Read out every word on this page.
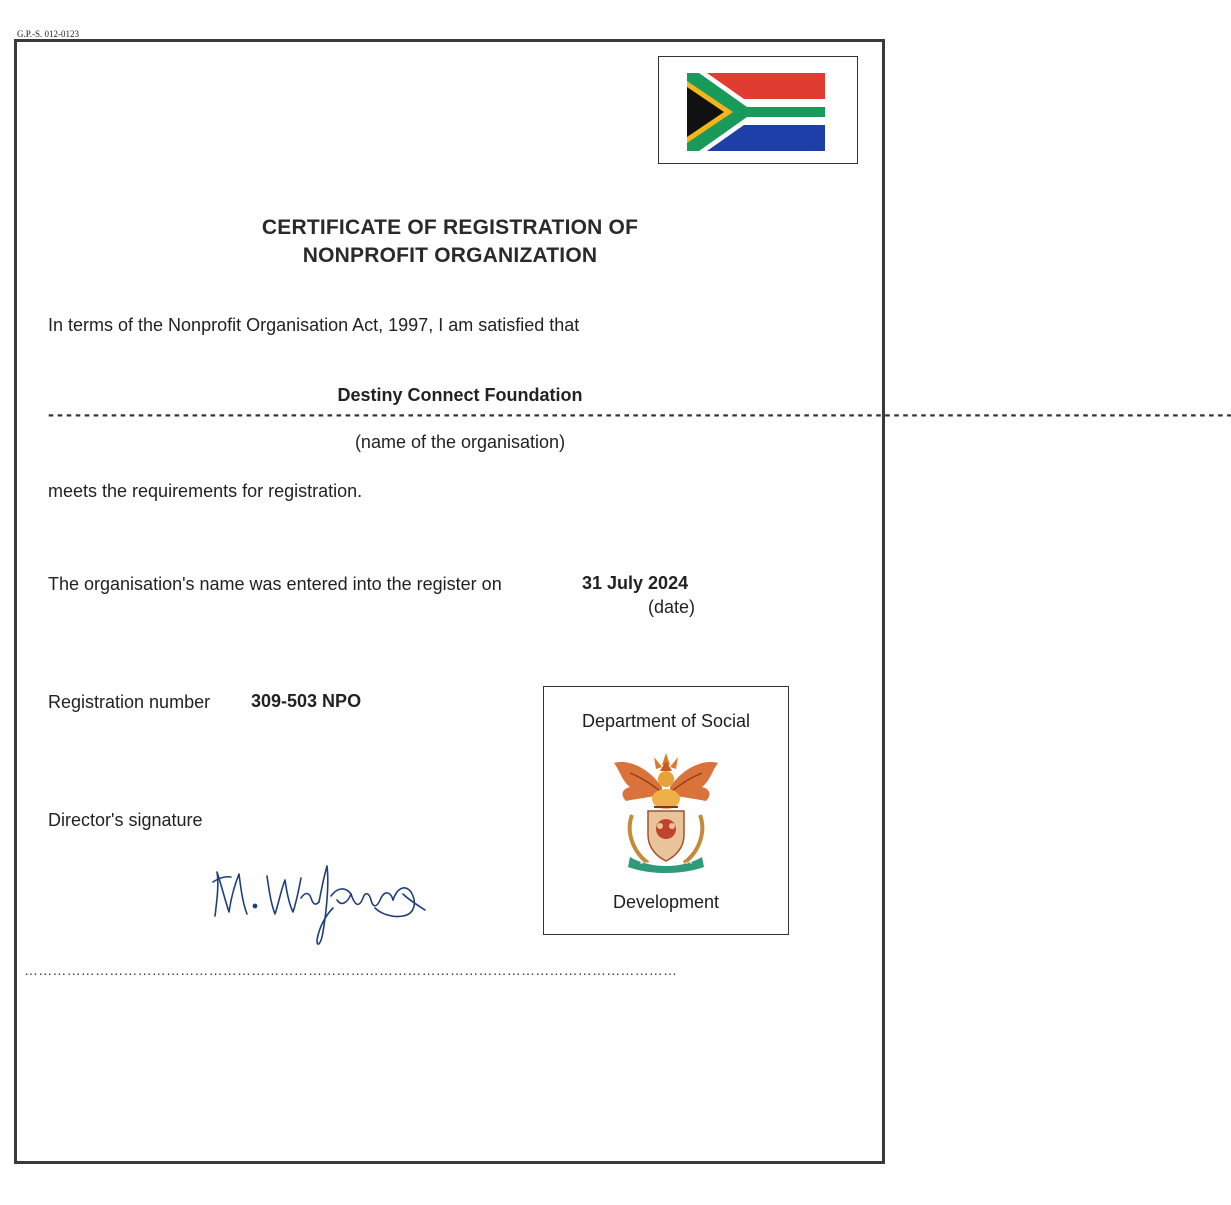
G.P.-S. 012-0123
CERTIFICATE OF REGISTRATION OF
NONPROFIT ORGANIZATION
In terms of the Nonprofit Organisation Act, 1997, I am satisfied that
Destiny Connect Foundation
- - - - - - - - - - - - - - - - - - - - - - - - - - - - - - - - - - - - - - - - - - - - - - - - - - - - - - - - - - - - - - - - - - - - - - - - - - - - - - - - - - - - - - - - - - - - - - - - - - - - - - - - - - - - - - - - - - - - - - - - - - - - - - - - - - - -
(name of the organisation)
meets the requirements for registration.
The organisation's name was entered into the register on	31 July 2024
(date)
Registration number 309-503 NPO
Director's signature
Department of Social
Development
…………………………………………………………………………………………………………………………
